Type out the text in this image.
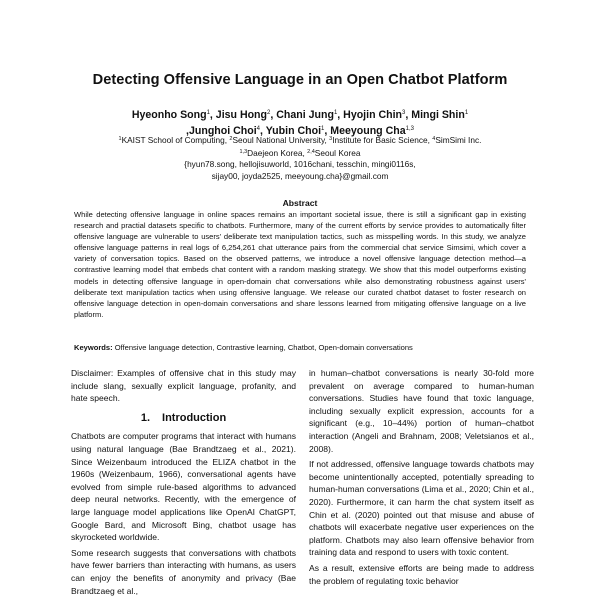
Detecting Offensive Language in an Open Chatbot Platform
Hyeonho Song$^1$, Jisu Hong$^2$, Chani Jung$^1$, Hyojin Chin$^3$, Mingi Shin$^1$
,Junghoi Choi$^4$, Yubin Choi$^1$, Meeyoung Cha$^{1,3}$
$^1$KAIST School of Computing, $^2$Seoul National University, $^3$Institute for Basic Science, $^4$SimSimi Inc.
$^{1,3}$Daejeon Korea, $^{2,4}$Seoul Korea
{hyun78.song, hellojisuworld, 1016chani, tesschin, mingi0116s,
sijay00, joyda2525, meeyoung.cha}@gmail.com
Abstract
While detecting offensive language in online spaces remains an important societal issue, there is still a significant gap in existing research and practial datasets specific to chatbots. Furthermore, many of the current efforts by service provides to automatically filter offensive language are vulnerable to users' deliberate text manipulation tactics, such as misspelling words. In this study, we analyze offensive language patterns in real logs of 6,254,261 chat utterance pairs from the commercial chat service Simsimi, which cover a variety of conversation topics. Based on the observed patterns, we introduce a novel offensive language detection method—a contrastive learning model that embeds chat content with a random masking strategy. We show that this model outperforms existing models in detecting offensive language in open-domain chat conversations while also demonstrating robustness against users' deliberate text manipulation tactics when using offensive language. We release our curated chatbot dataset to foster research on offensive language detection in open-domain conversations and share lessons learned from mitigating offensive language on a live platform.
Keywords: Offensive language detection, Contrastive learning, Chatbot, Open-domain conversations

Disclaimer: Examples of offensive chat in this study may include slang, sexually explicit language, profanity, and hate speech.

1. Introduction

Chatbots are computer programs that interact with humans using natural language (Bae Brandtzaeg et al., 2021). Since Weizenbaum introduced the ELIZA chatbot in the 1960s (Weizenbaum, 1966), conversational agents have evolved from simple rule-based algorithms to advanced deep neural networks. Recently, with the emergence of large language model applications like OpenAI ChatGPT, Google Bard, and Microsoft Bing, chatbot usage has skyrocketed worldwide.

Some research suggests that conversations with chatbots have fewer barriers than interacting with humans, as users can enjoy the benefits of anonymity and privacy (Bae Brandtzaeg et al.,

in human–chatbot conversations is nearly 30-fold more prevalent on average compared to human-human conversations. Studies have found that toxic language, including sexually explicit expression, accounts for a significant (e.g., 10–44%) portion of human–chatbot interaction (Angeli and Brahnam, 2008; Veletsianos et al., 2008).

If not addressed, offensive language towards chatbots may become unintentionally accepted, potentially spreading to human-human conversations (Lima et al., 2020; Chin et al., 2020). Furthermore, it can harm the chat system itself as Chin et al. (2020) pointed out that misuse and abuse of chatbots will exacerbate negative user experiences on the platform. Chatbots may also learn offensive behavior from training data and respond to users with toxic content.

As a result, extensive efforts are being made to address the problem of regulating toxic behavior
